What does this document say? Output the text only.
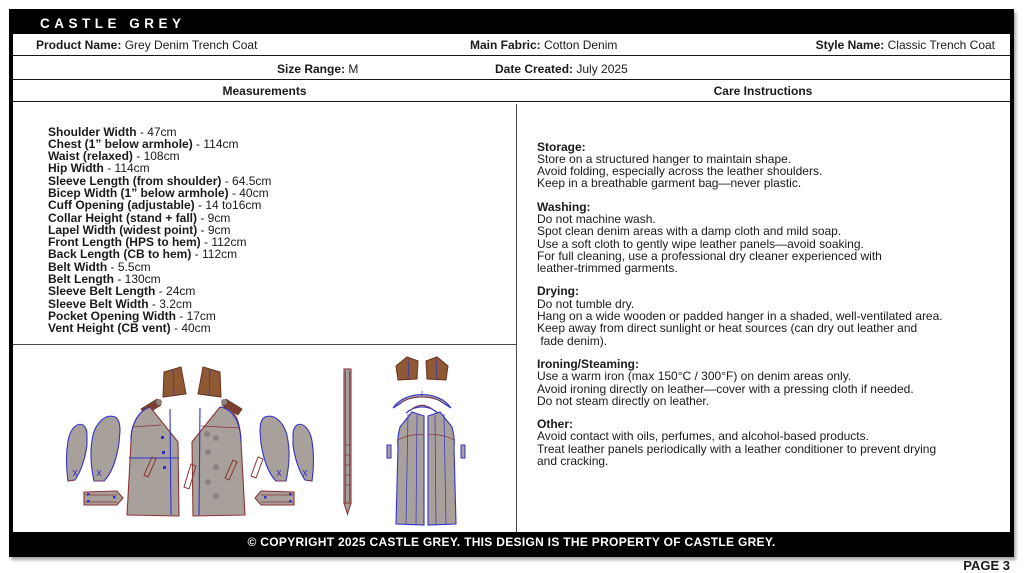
CASTLE GREY
Product Name: Grey Denim Trench Coat	Main Fabric: Cotton Denim	Style Name: Classic Trench Coat
Size Range: M	Date Created: July 2025
Measurements	Care Instructions
Shoulder Width - 47cm
Chest (1” below armhole) - 114cm
Waist (relaxed) - 108cm
Hip Width - 114cm
Sleeve Length (from shoulder) - 64.5cm
Bicep Width (1” below armhole) - 40cm
Cuff Opening (adjustable) - 14 to16cm
Collar Height (stand + fall) - 9cm
Lapel Width (widest point) - 9cm
Front Length (HPS to hem) - 112cm
Back Length (CB to hem) - 112cm
Belt Width - 5.5cm
Belt Length - 130cm
Sleeve Belt Length - 24cm
Sleeve Belt Width - 3.2cm
Pocket Opening Width - 17cm
Vent Height (CB vent) - 40cm
Storage:
Store on a structured hanger to maintain shape.
Avoid folding, especially across the leather shoulders.
Keep in a breathable garment bag—never plastic.
Washing:
Do not machine wash.
Spot clean denim areas with a damp cloth and mild soap.
Use a soft cloth to gently wipe leather panels—avoid soaking.
For full cleaning, use a professional dry cleaner experienced with
leather-trimmed garments.
Drying:
Do not tumble dry.
Hang on a wide wooden or padded hanger in a shaded, well-ventilated area.
Keep away from direct sunlight or heat sources (can dry out leather and
fade denim).
Ironing/Steaming:
Use a warm iron (max 150°C / 300°F) on denim areas only.
Avoid ironing directly on leather—cover with a pressing cloth if needed.
Do not steam directly on leather.
Other:
Avoid contact with oils, perfumes, and alcohol-based products.
Treat leather panels periodically with a leather conditioner to prevent drying
and cracking.
© COPYRIGHT 2025 CASTLE GREY. THIS DESIGN IS THE PROPERTY OF CASTLE GREY.
PAGE 3
